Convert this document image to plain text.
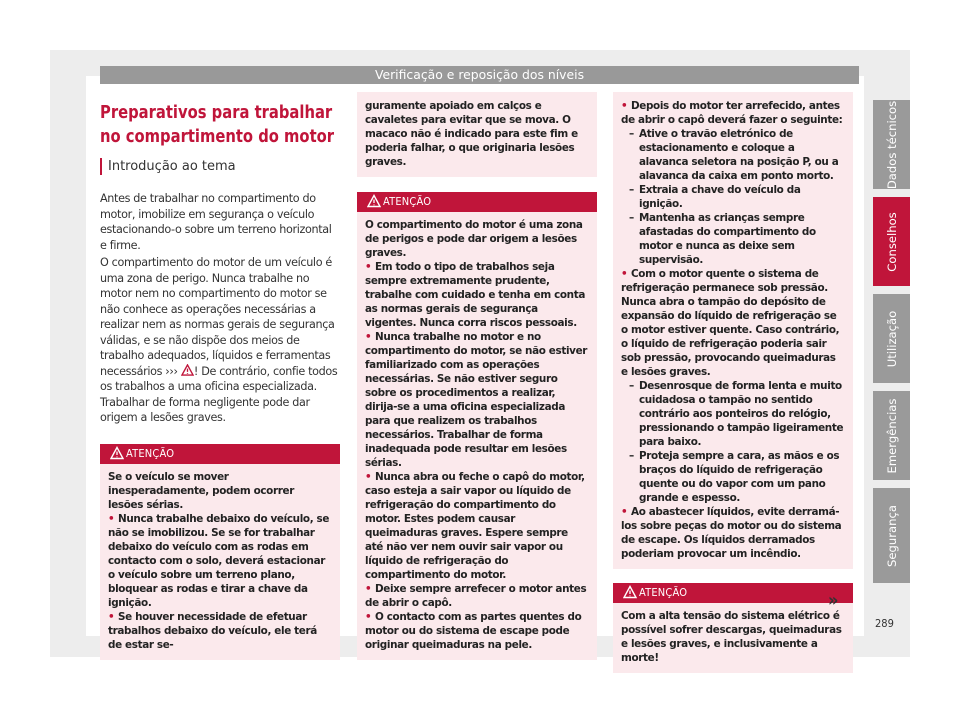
Verificação e reposição dos níveis
Preparativos para trabalhar no compartimento do motor
Introdução ao tema

Antes de trabalhar no compartimento do motor, imobilize em segurança o veículo estacionando-o sobre um terreno horizontal e firme.

O compartimento do motor de um veículo é uma zona de perigo. Nunca trabalhe no motor nem no compartimento do motor se não conhece as operações necessárias a realizar nem as normas gerais de segurança válidas, e se não dispõe dos meios de trabalho adequados, líquidos e ferramentas necessários ››› ! De contrário, confie todos os trabalhos a uma oficina especializada. Trabalhar de forma negligente pode dar origem a lesões graves.

ATENÇÃO

Se o veículo se mover inesperadamente, podem ocorrer lesões sérias.

• Nunca trabalhe debaixo do veículo, se não se imobilizou. Se se for trabalhar debaixo do veículo com as rodas em contacto com o solo, deverá estacionar o veículo sobre um terreno plano, bloquear as rodas e tirar a chave da ignição.

• Se houver necessidade de efetuar trabalhos debaixo do veículo, ele terá de estar se-

guramente apoiado em calços e cavaletes para evitar que se mova. O macaco não é indicado para este fim e poderia falhar, o que originaria lesões graves.
ATENÇÃO

O compartimento do motor é uma zona de perigos e pode dar origem a lesões graves.

• Em todo o tipo de trabalhos seja sempre extremamente prudente, trabalhe com cuidado e tenha em conta as normas gerais de segurança vigentes. Nunca corra riscos pessoais.

• Nunca trabalhe no motor e no compartimento do motor, se não estiver familiarizado com as operações necessárias. Se não estiver seguro sobre os procedimentos a realizar, dirija-se a uma oficina especializada para que realizem os trabalhos necessários. Trabalhar de forma inadequada pode resultar em lesões sérias.

• Nunca abra ou feche o capô do motor, caso esteja a sair vapor ou líquido de refrigeração do compartimento do motor. Estes podem causar queimaduras graves. Espere sempre até não ver nem ouvir sair vapor ou líquido de refrigeração do compartimento do motor.

• Deixe sempre arrefecer o motor antes de abrir o capô.

• O contacto com as partes quentes do motor ou do sistema de escape pode originar queimaduras na pele.

• Depois do motor ter arrefecido, antes de abrir o capô deverá fazer o seguinte:

– Ative o travão eletrónico de estacionamento e coloque a alavanca seletora na posição P, ou a alavanca da caixa em ponto morto.

– Extraia a chave do veículo da ignição.

– Mantenha as crianças sempre afastadas do compartimento do motor e nunca as deixe sem supervisão.

• Com o motor quente o sistema de refrigeração permanece sob pressão. Nunca abra o tampão do depósito de expansão do líquido de refrigeração se o motor estiver quente. Caso contrário, o líquido de refrigeração poderia sair sob pressão, provocando queimaduras e lesões graves.

– Desenrosque de forma lenta e muito cuidadosa o tampão no sentido contrário aos ponteiros do relógio, pressionando o tampão ligeiramente para baixo.

– Proteja sempre a cara, as mãos e os braços do líquido de refrigeração quente ou do vapor com um pano grande e espesso.

• Ao abastecer líquidos, evite derramá-los sobre peças do motor ou do sistema de escape. Os líquidos derramados poderiam provocar um incêndio.

ATENÇÃO

Com a alta tensão do sistema elétrico é possível sofrer descargas, queimaduras e lesões graves, e inclusivamente a morte!

»
Dados técnicos
Conselhos
Utilização
Emergências
Segurança
289
